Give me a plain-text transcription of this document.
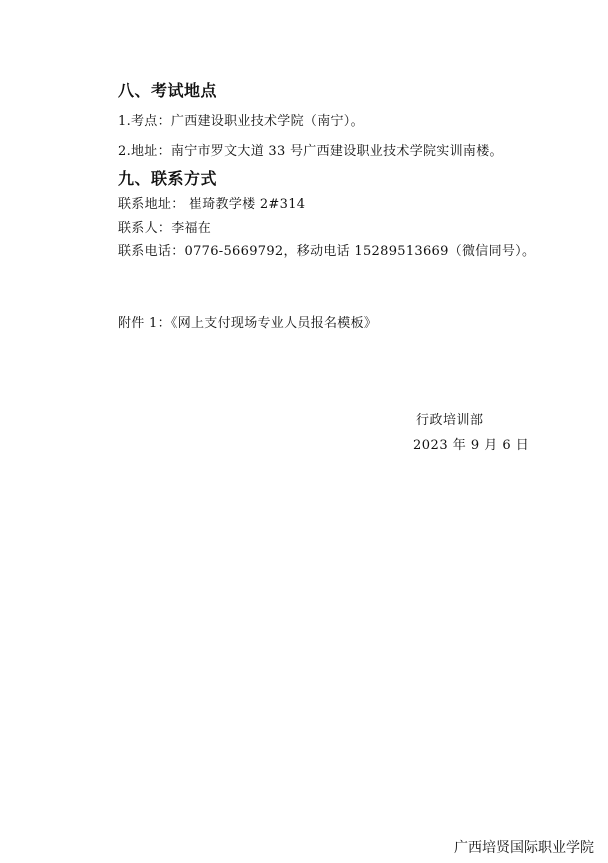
八、考试地点
1.考点：广西建设职业技术学院（南宁）。
2.地址：南宁市罗文大道 33 号广西建设职业技术学院实训南楼。
九、联系方式
联系地址： 崔琦教学楼 2#314
联系人：李福在
联系电话：0776-5669792，移动电话 15289513669（微信同号）。
附件 1：《网上支付现场专业人员报名模板》
行政培训部
2023 年 9 月 6 日
广西培贤国际职业学院
